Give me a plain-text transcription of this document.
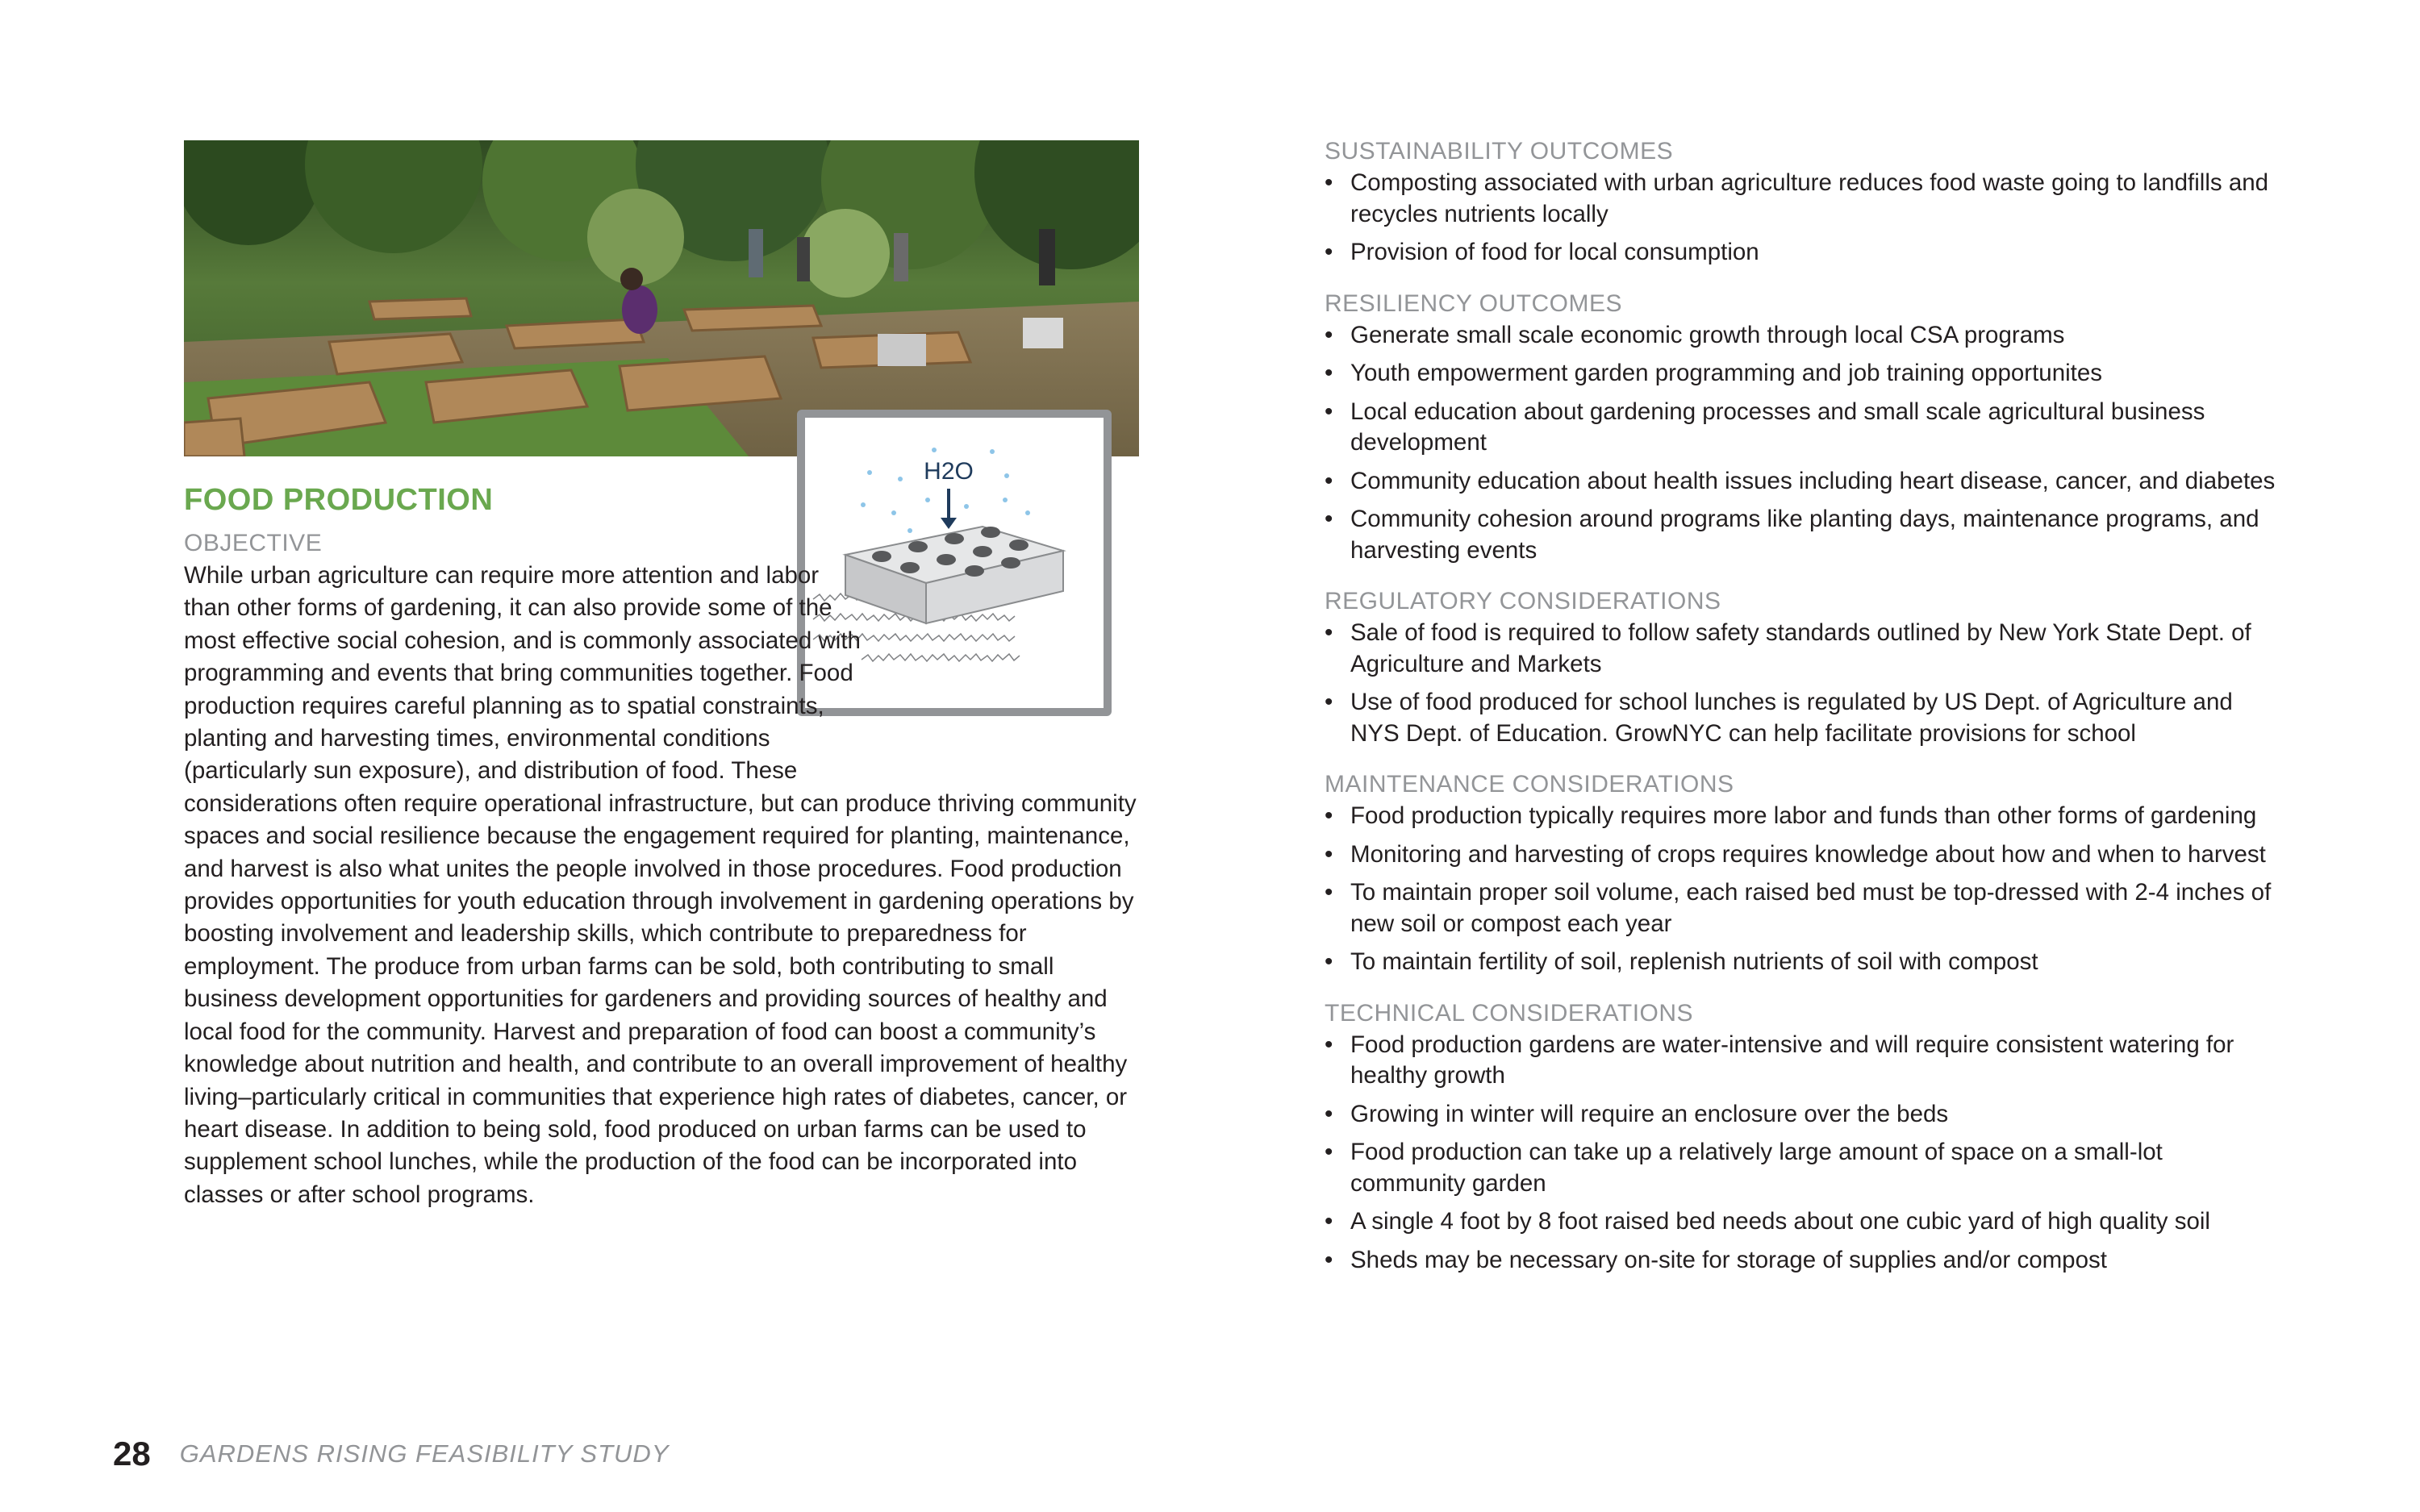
H2O
FOOD PRODUCTION

OBJECTIVE

While urban agriculture can require more attention and labor than other forms of gardening, it can also provide some of the most effective social cohesion, and is commonly associated with programming and events that bring communities together. Food production requires careful planning as to spatial constraints, planting and harvesting times, environmental conditions (particularly sun exposure), and distribution of food. These considerations often require operational infrastructure, but can produce thriving community spaces and social resilience because the engagement required for planting, maintenance, and harvest is also what unites the people involved in those procedures. Food production provides opportunities for youth education through involvement in gardening operations by boosting involvement and leadership skills, which contribute to preparedness for employment. The produce from urban farms can be sold, both contributing to small business development opportunities for gardeners and providing sources of healthy and local food for the community. Harvest and preparation of food can boost a community’s knowledge about nutrition and health, and contribute to an overall improvement of healthy living–particularly critical in communities that experience high rates of diabetes, cancer, or heart disease. In addition to being sold, food produced on urban farms can be used to supplement school lunches, while the production of the food can be incorporated into classes or after school programs.

SUSTAINABILITY OUTCOMES

• Composting associated with urban agriculture reduces food waste going to landfills and recycles nutrients locally
• Provision of food for local consumption

RESILIENCY OUTCOMES

• Generate small scale economic growth through local CSA programs
• Youth empowerment garden programming and job training opportunites
• Local education about gardening processes and small scale agricultural business development
• Community education about health issues including heart disease, cancer, and diabetes
• Community cohesion around programs like planting days, maintenance programs, and harvesting events

REGULATORY CONSIDERATIONS

• Sale of food is required to follow safety standards outlined by New York State Dept. of Agriculture and Markets
• Use of food produced for school lunches is regulated by US Dept. of Agriculture and NYS Dept. of Education. GrowNYC can help facilitate provisions for school

MAINTENANCE CONSIDERATIONS

• Food production typically requires more labor and funds than other forms of gardening
• Monitoring and harvesting of crops requires knowledge about how and when to harvest
• To maintain proper soil volume, each raised bed must be top-dressed with 2-4 inches of new soil or compost each year
• To maintain fertility of soil, replenish nutrients of soil with compost

TECHNICAL CONSIDERATIONS

• Food production gardens are water-intensive and will require consistent watering for healthy growth
• Growing in winter will require an enclosure over the beds
• Food production can take up a relatively large amount of space on a small-lot community garden
• A single 4 foot by 8 foot raised bed needs about one cubic yard of high quality soil
• Sheds may be necessary on-site for storage of supplies and/or compost
28 GARDENS RISING FEASIBILITY STUDY
